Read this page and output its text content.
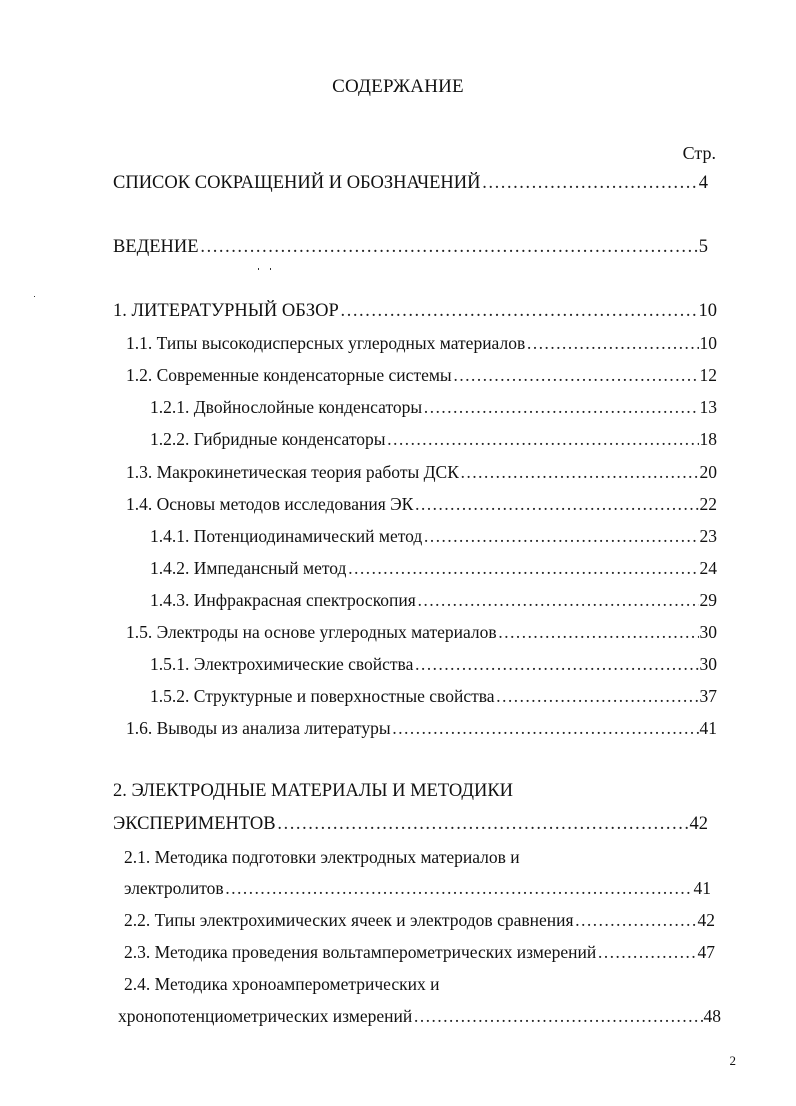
СОДЕРЖАНИЕ
Стр.
СПИСОК СОКРАЩЕНИЙ И ОБОЗНАЧЕНИЙ ………………………………………………………………………………………………………………………………………………………………………………	4
ВЕДЕНИЕ ………………………………………………………………………………………………………………………………………………………………………………	5
1. ЛИТЕРАТУРНЫЙ ОБЗОР ………………………………………………………………………………………………………………………………………………………………………………	10
1.1. Типы высокодисперсных углеродных материалов ………………………………………………………………………………………………………………………………………………………………………………	10
1.2. Современные конденсаторные системы ………………………………………………………………………………………………………………………………………………………………………………	12
1.2.1. Двойнослойные конденсаторы ………………………………………………………………………………………………………………………………………………………………………………	13
1.2.2. Гибридные конденсаторы ………………………………………………………………………………………………………………………………………………………………………………	18
1.3. Макрокинетическая теория работы ДСК ………………………………………………………………………………………………………………………………………………………………………………	20
1.4. Основы методов исследования ЭК ………………………………………………………………………………………………………………………………………………………………………………	22
1.4.1. Потенциодинамический метод ………………………………………………………………………………………………………………………………………………………………………………	23
1.4.2. Импедансный метод ………………………………………………………………………………………………………………………………………………………………………………	24
1.4.3. Инфракрасная спектроскопия ………………………………………………………………………………………………………………………………………………………………………………	29
1.5. Электроды на основе углеродных материалов ………………………………………………………………………………………………………………………………………………………………………………	30
1.5.1. Электрохимические свойства ………………………………………………………………………………………………………………………………………………………………………………	30
1.5.2. Структурные и поверхностные свойства ………………………………………………………………………………………………………………………………………………………………………………	37
1.6. Выводы из анализа литературы ………………………………………………………………………………………………………………………………………………………………………………	41
2. ЭЛЕКТРОДНЫЕ МАТЕРИАЛЫ И МЕТОДИКИ
ЭКСПЕРИМЕНТОВ ………………………………………………………………………………………………………………………………………………………………………………	42
2.1. Методика подготовки электродных материалов и
электролитов ………………………………………………………………………………………………………………………………………………………………………………	41
2.2. Типы электрохимических ячеек и электродов сравнения ………………………………………………………………………………………………………………………………………………………………………………	42
2.3. Методика проведения вольтамперометрических измерений ………………………………………………………………………………………………………………………………………………………………………………	47
2.4. Методика хроноамперометрических и
хронопотенциометрических измерений ………………………………………………………………………………………………………………………………………………………………………………	48
2
